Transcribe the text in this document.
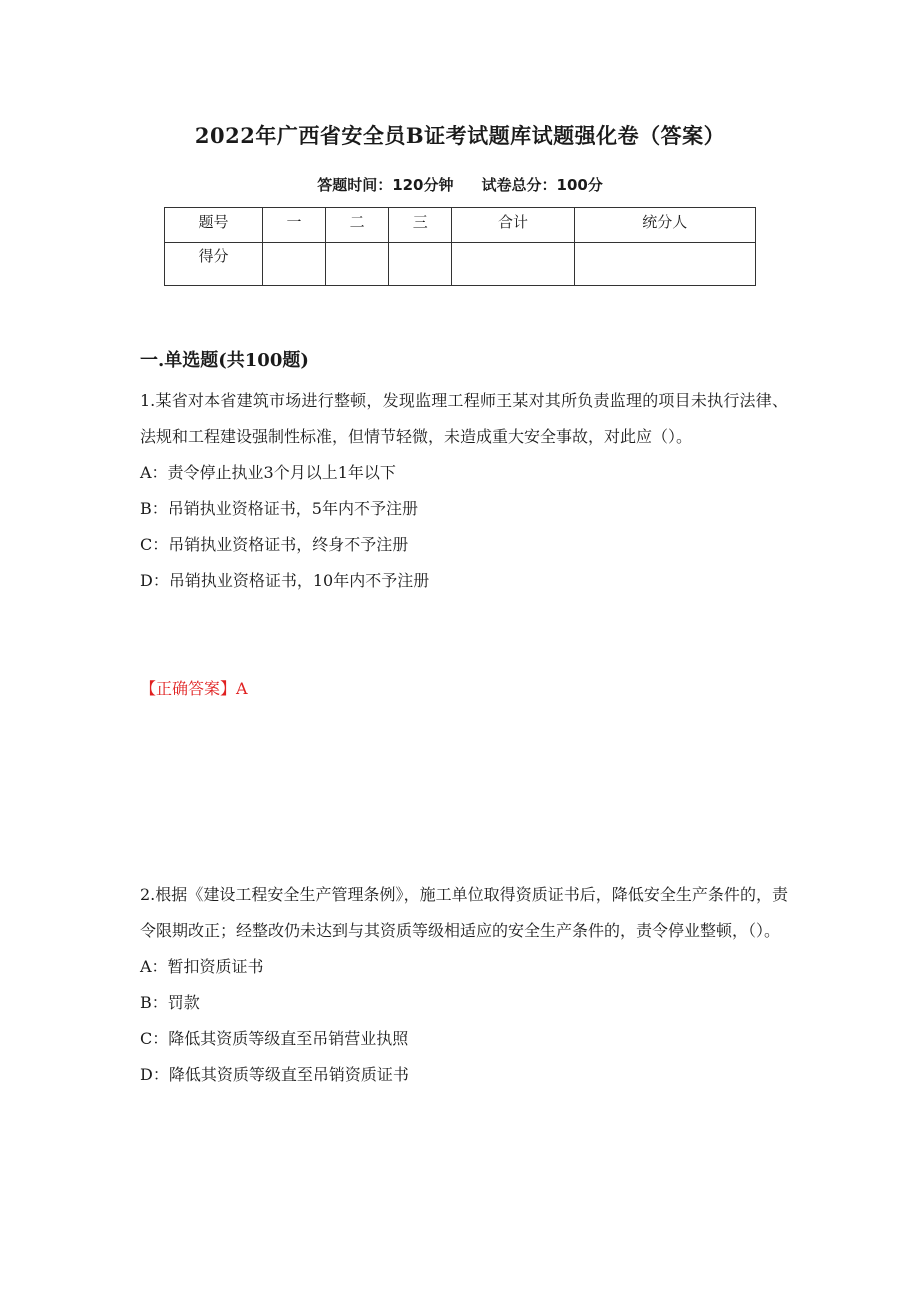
2022年广西省安全员B证考试题库试题强化卷（答案）
答题时间：120分钟 试卷总分：100分
题号	一	二	三	合计	统分人
得分					
一.单选题(共100题)
1.某省对本省建筑市场进行整顿，发现监理工程师王某对其所负责监理的项目未执行法律、法规和工程建设强制性标准，但情节轻微，未造成重大安全事故，对此应（）。
A：责令停止执业3个月以上1年以下
B：吊销执业资格证书，5年内不予注册
C：吊销执业资格证书，终身不予注册
D：吊销执业资格证书，10年内不予注册
【正确答案】A
2.根据《建设工程安全生产管理条例》，施工单位取得资质证书后，降低安全生产条件的，责令限期改正；经整改仍未达到与其资质等级相适应的安全生产条件的，责令停业整顿，（）。
A：暂扣资质证书
B：罚款
C：降低其资质等级直至吊销营业执照
D：降低其资质等级直至吊销资质证书
